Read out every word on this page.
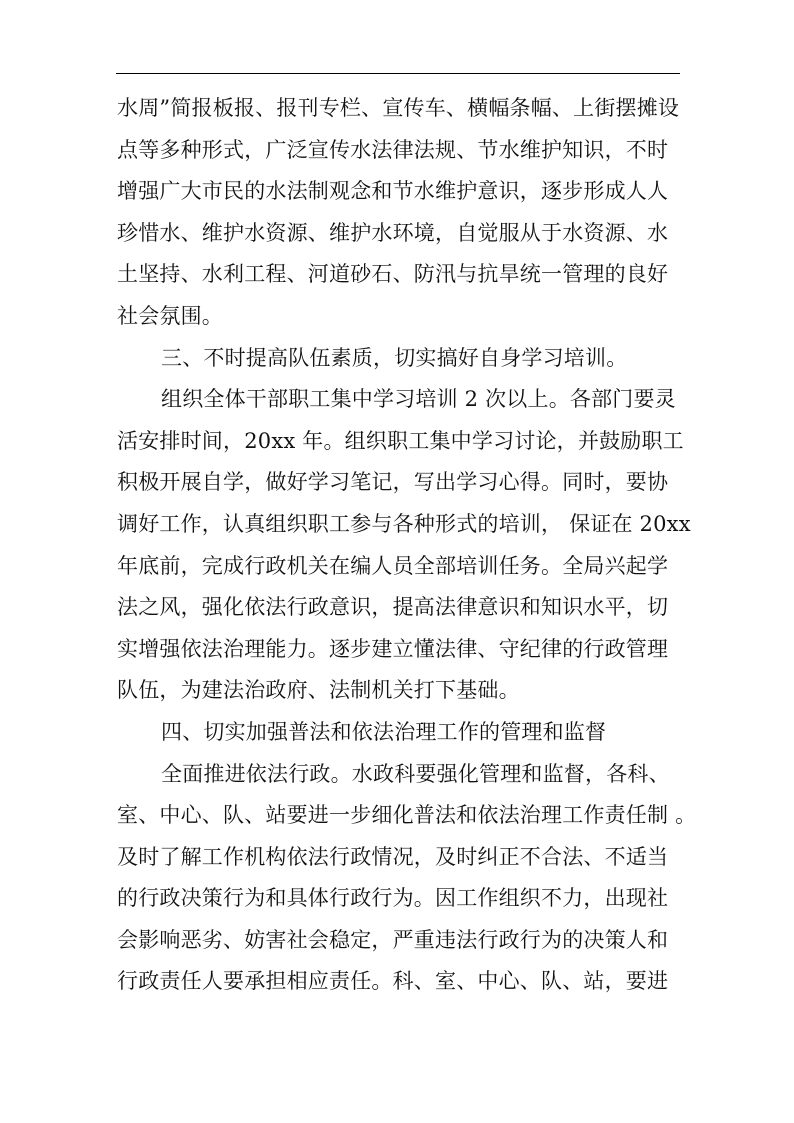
水周”简报板报、报刊专栏、宣传车、横幅条幅、上街摆摊设
点等多种形式，广泛宣传水法律法规、节水维护知识，不时
增强广大市民的水法制观念和节水维护意识，逐步形成人人
珍惜水、维护水资源、维护水环境，自觉服从于水资源、水
土坚持、水利工程、河道砂石、防汛与抗旱统一管理的良好
社会氛围。
三、不时提高队伍素质，切实搞好自身学习培训。
组织全体干部职工集中学习培训 2 次以上。各部门要灵
活安排时间，20xx 年。组织职工集中学习讨论，并鼓励职工
积极开展自学，做好学习笔记，写出学习心得。同时，要协
调好工作，认真组织职工参与各种形式的培训， 保证在 20xx
年底前，完成行政机关在编人员全部培训任务。全局兴起学
法之风，强化依法行政意识，提高法律意识和知识水平，切
实增强依法治理能力。逐步建立懂法律、守纪律的行政管理
队伍，为建法治政府、法制机关打下基础。
四、切实加强普法和依法治理工作的管理和监督
全面推进依法行政。水政科要强化管理和监督，各科、
室、中心、队、站要进一步细化普法和依法治理工作责任制 。
及时了解工作机构依法行政情况，及时纠正不合法、不适当
的行政决策行为和具体行政行为。因工作组织不力，出现社
会影响恶劣、妨害社会稳定，严重违法行政行为的决策人和
行政责任人要承担相应责任。科、室、中心、队、站，要进
